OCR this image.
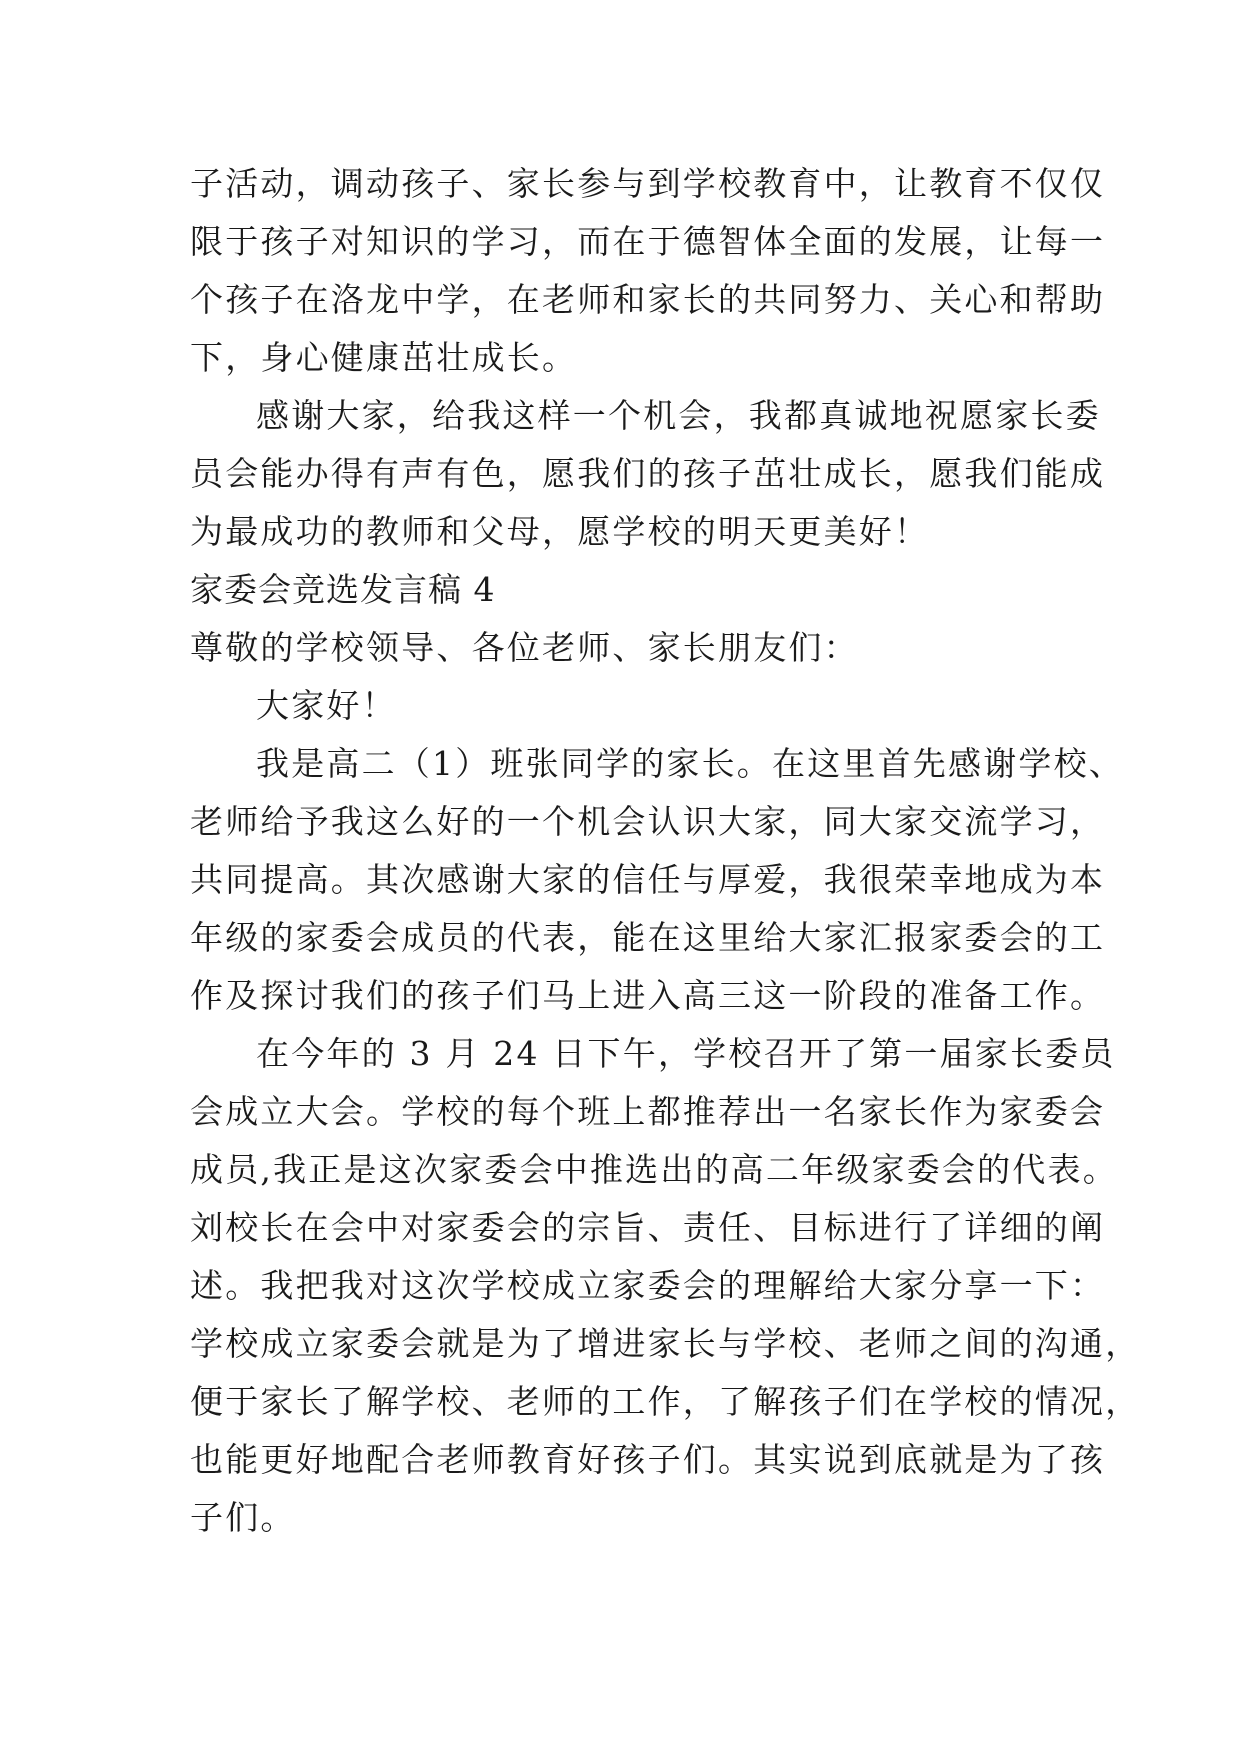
子活动，调动孩子、家长参与到学校教育中，让教育不仅仅
限于孩子对知识的学习，而在于德智体全面的发展，让每一
个孩子在洛龙中学，在老师和家长的共同努力、关心和帮助
下，身心健康茁壮成长。
感谢大家，给我这样一个机会，我都真诚地祝愿家长委
员会能办得有声有色，愿我们的孩子茁壮成长，愿我们能成
为最成功的教师和父母，愿学校的明天更美好！
家委会竞选发言稿 4
尊敬的学校领导、各位老师、家长朋友们：
大家好！
我是高二（1）班张同学的家长。在这里首先感谢学校、
老师给予我这么好的一个机会认识大家，同大家交流学习，
共同提高。其次感谢大家的信任与厚爱，我很荣幸地成为本
年级的家委会成员的代表，能在这里给大家汇报家委会的工
作及探讨我们的孩子们马上进入高三这一阶段的准备工作。
在今年的 3 月 24 日下午，学校召开了第一届家长委员
会成立大会。学校的每个班上都推荐出一名家长作为家委会
成员,我正是这次家委会中推选出的高二年级家委会的代表。
刘校长在会中对家委会的宗旨、责任、目标进行了详细的阐
述。我把我对这次学校成立家委会的理解给大家分享一下：
学校成立家委会就是为了增进家长与学校、老师之间的沟通，
便于家长了解学校、老师的工作，了解孩子们在学校的情况，
也能更好地配合老师教育好孩子们。其实说到底就是为了孩
子们。
